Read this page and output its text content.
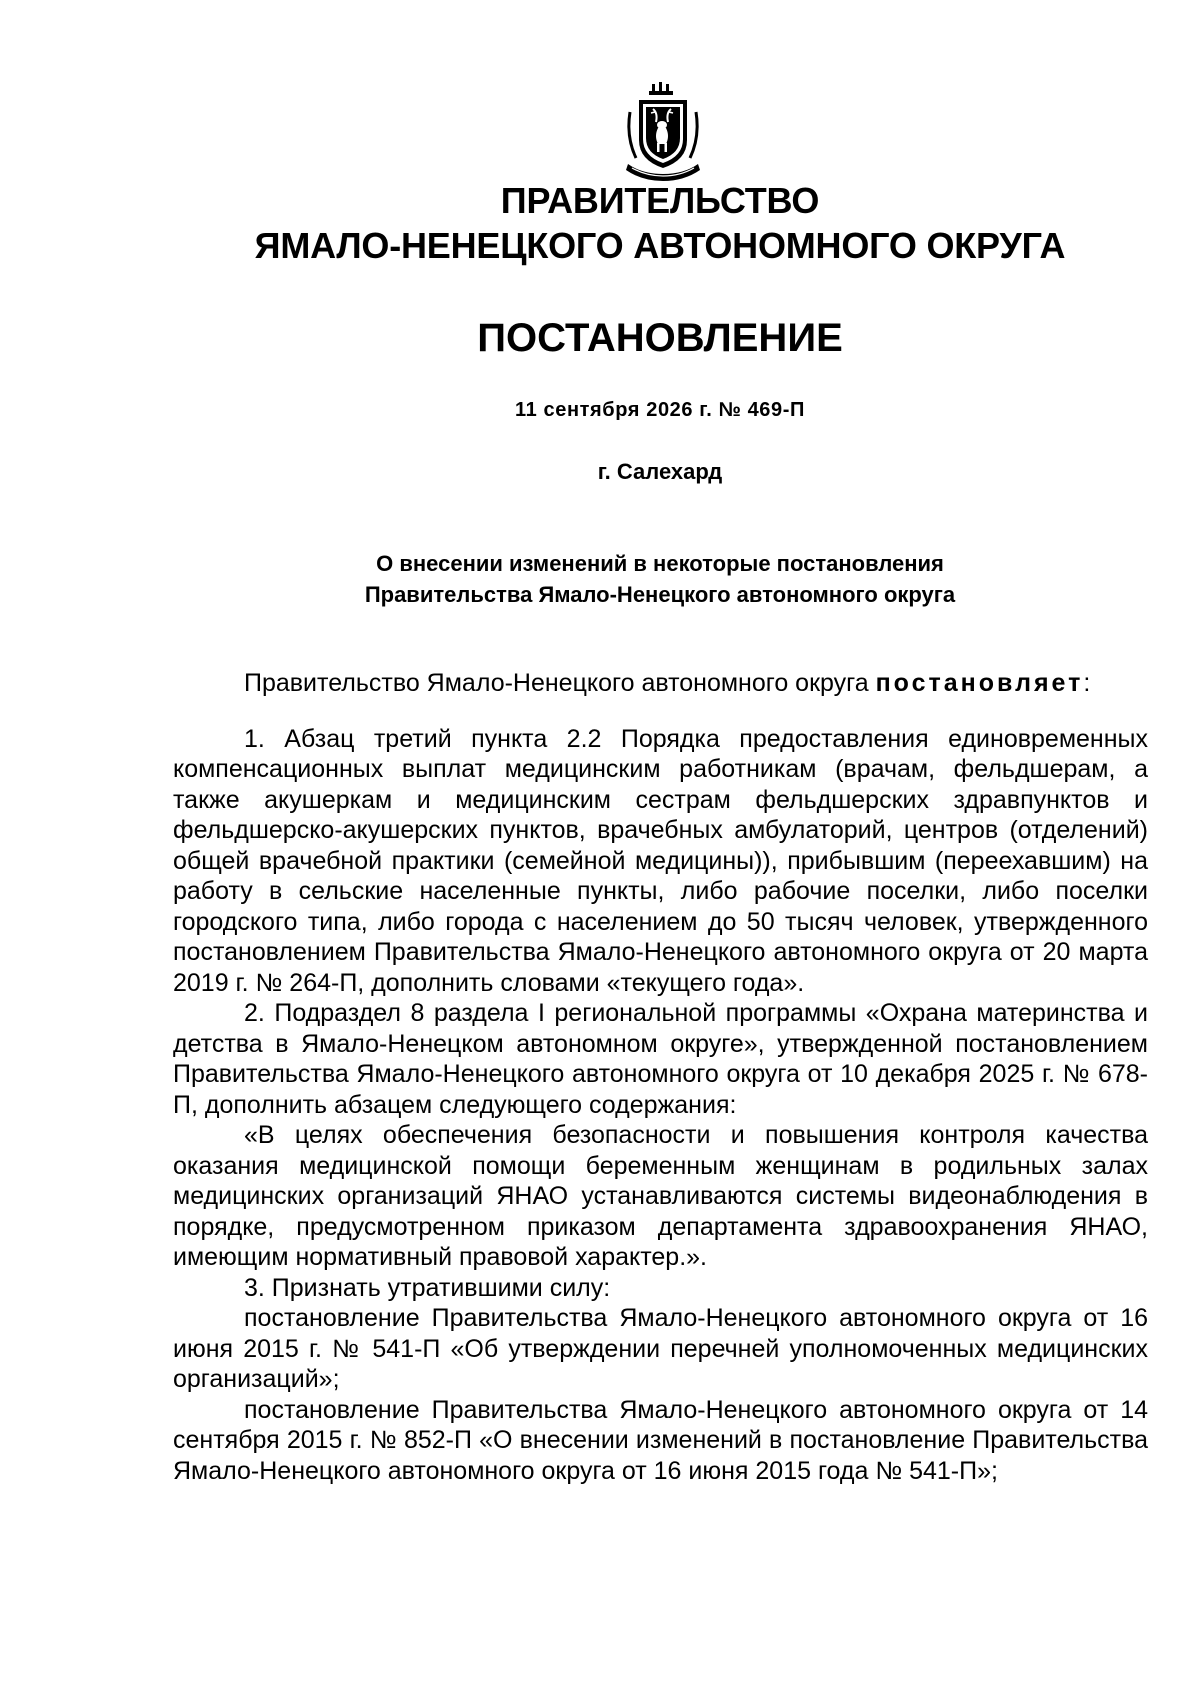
ПРАВИТЕЛЬСТВО
ЯМАЛО-НЕНЕЦКОГО АВТОНОМНОГО ОКРУГА
ПОСТАНОВЛЕНИЕ
11 сентября 2026 г. № 469-П
г. Салехард
О внесении изменений в некоторые постановления
Правительства Ямало-Ненецкого автономного округа

Правительство Ямало-Ненецкого автономного округа постановляет:

1. Абзац третий пункта 2.2 Порядка предоставления единовременных компенсационных выплат медицинским работникам (врачам, фельдшерам, а также акушеркам и медицинским сестрам фельдшерских здравпунктов и фельдшерско-акушерских пунктов, врачебных амбулаторий, центров (отделений) общей врачебной практики (семейной медицины)), прибывшим (переехавшим) на работу в сельские населенные пункты, либо рабочие поселки, либо поселки городского типа, либо города с населением до 50 тысяч человек, утвержденного постановлением Правительства Ямало-Ненецкого автономного округа от 20 марта 2019 г. № 264-П, дополнить словами «текущего года».

2. Подраздел 8 раздела I региональной программы «Охрана материнства и детства в Ямало-Ненецком автономном округе», утвержденной постановлением Правительства Ямало-Ненецкого автономного округа от 10 декабря 2025 г. № 678-П, дополнить абзацем следующего содержания:

«В целях обеспечения безопасности и повышения контроля качества оказания медицинской помощи беременным женщинам в родильных залах медицинских организаций ЯНАО устанавливаются системы видеонаблюдения в порядке, предусмотренном приказом департамента здравоохранения ЯНАО, имеющим нормативный правовой характер.».

3. Признать утратившими силу:

постановление Правительства Ямало-Ненецкого автономного округа от 16 июня 2015 г. № 541-П «Об утверждении перечней уполномоченных медицинских организаций»;

постановление Правительства Ямало-Ненецкого автономного округа от 14 сентября 2015 г. № 852-П «О внесении изменений в постановление Правительства Ямало-Ненецкого автономного округа от 16 июня 2015 года № 541-П»;
